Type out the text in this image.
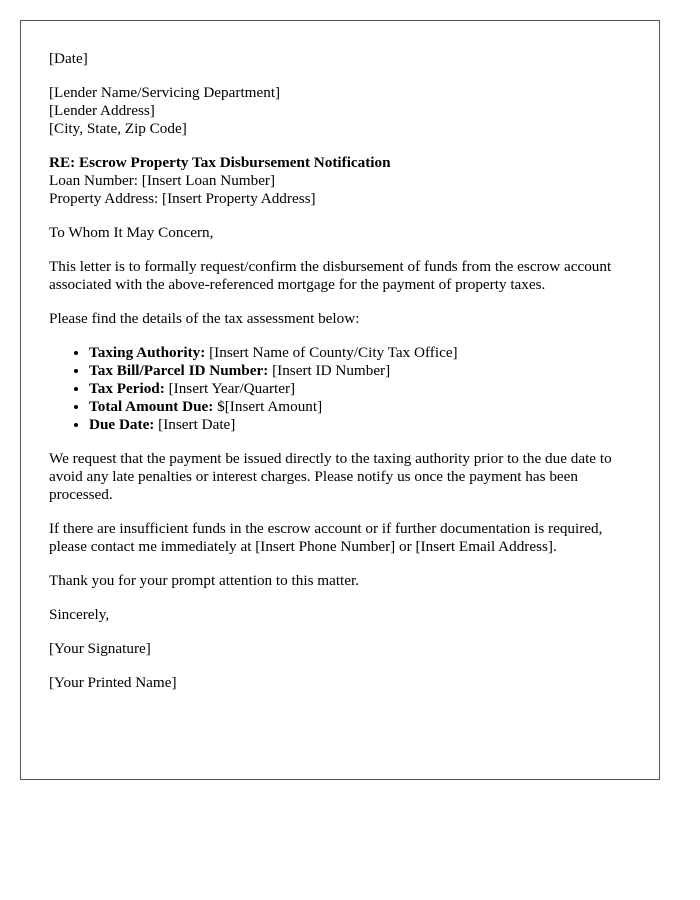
[Date]
[Lender Name/Servicing Department]
[Lender Address]
[City, State, Zip Code]
RE: Escrow Property Tax Disbursement Notification
Loan Number: [Insert Loan Number]
Property Address: [Insert Property Address]

To Whom It May Concern,

This letter is to formally request/confirm the disbursement of funds from the escrow account associated with the above-referenced mortgage for the payment of property taxes.

Please find the details of the tax assessment below:

• Taxing Authority: [Insert Name of County/City Tax Office]
• Tax Bill/Parcel ID Number: [Insert ID Number]
• Tax Period: [Insert Year/Quarter]
• Total Amount Due: $[Insert Amount]
• Due Date: [Insert Date]

We request that the payment be issued directly to the taxing authority prior to the due date to avoid any late penalties or interest charges. Please notify us once the payment has been processed.

If there are insufficient funds in the escrow account or if further documentation is required, please contact me immediately at [Insert Phone Number] or [Insert Email Address].

Thank you for your prompt attention to this matter.

Sincerely,

[Your Signature]

[Your Printed Name]
